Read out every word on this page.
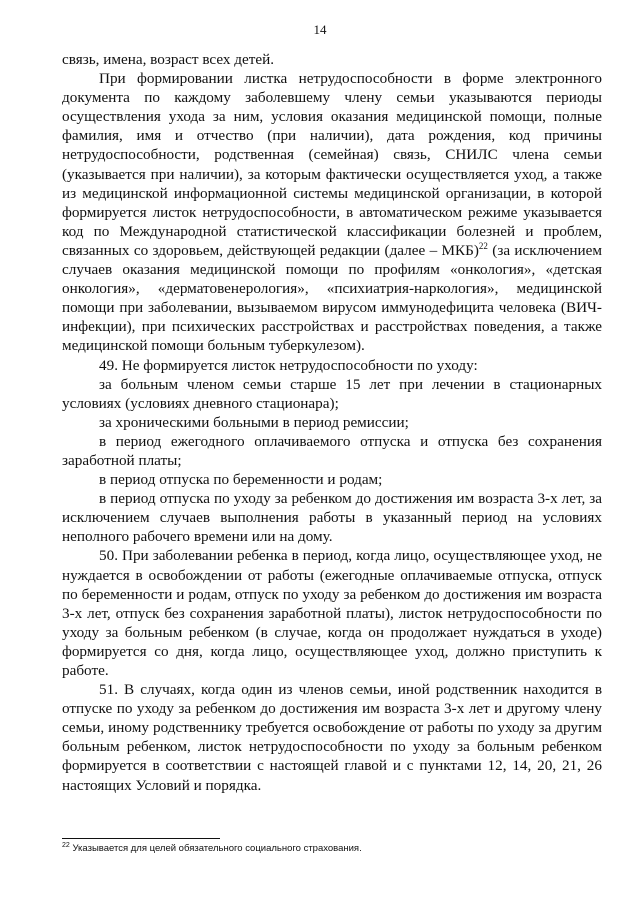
14

связь, имена, возраст всех детей.

При формировании листка нетрудоспособности в форме электронного документа по каждому заболевшему члену семьи указываются периоды осуществления ухода за ним, условия оказания медицинской помощи, полные фамилия, имя и отчество (при наличии), дата рождения, код причины нетрудоспособности, родственная (семейная) связь, СНИЛС члена семьи (указывается при наличии), за которым фактически осуществляется уход, а также из медицинской информационной системы медицинской организации, в которой формируется листок нетрудоспособности, в автоматическом режиме указывается код по Международной статистической классификации болезней и проблем, связанных со здоровьем, действующей редакции (далее – МКБ)$^{22}$ (за исключением случаев оказания медицинской помощи по профилям «онкология», «детская онкология», «дерматовенерология», «психиатрия-наркология», медицинской помощи при заболевании, вызываемом вирусом иммунодефицита человека (ВИЧ-инфекции), при психических расстройствах и расстройствах поведения, а также медицинской помощи больным туберкулезом).

49. Не формируется листок нетрудоспособности по уходу:

за больным членом семьи старше 15 лет при лечении в стационарных условиях (условиях дневного стационара);

за хроническими больными в период ремиссии;

в период ежегодного оплачиваемого отпуска и отпуска без сохранения заработной платы;

в период отпуска по беременности и родам;

в период отпуска по уходу за ребенком до достижения им возраста 3-х лет, за исключением случаев выполнения работы в указанный период на условиях неполного рабочего времени или на дому.

50. При заболевании ребенка в период, когда лицо, осуществляющее уход, не нуждается в освобождении от работы (ежегодные оплачиваемые отпуска, отпуск по беременности и родам, отпуск по уходу за ребенком до достижения им возраста 3-х лет, отпуск без сохранения заработной платы), листок нетрудоспособности по уходу за больным ребенком (в случае, когда он продолжает нуждаться в уходе) формируется со дня, когда лицо, осуществляющее уход, должно приступить к работе.

51. В случаях, когда один из членов семьи, иной родственник находится в отпуске по уходу за ребенком до достижения им возраста 3-х лет и другому члену семьи, иному родственнику требуется освобождение от работы по уходу за другим больным ребенком, листок нетрудоспособности по уходу за больным ребенком формируется в соответствии с настоящей главой и с пунктами 12, 14, 20, 21, 26 настоящих Условий и порядка.

$^{22}$ Указывается для целей обязательного социального страхования.
